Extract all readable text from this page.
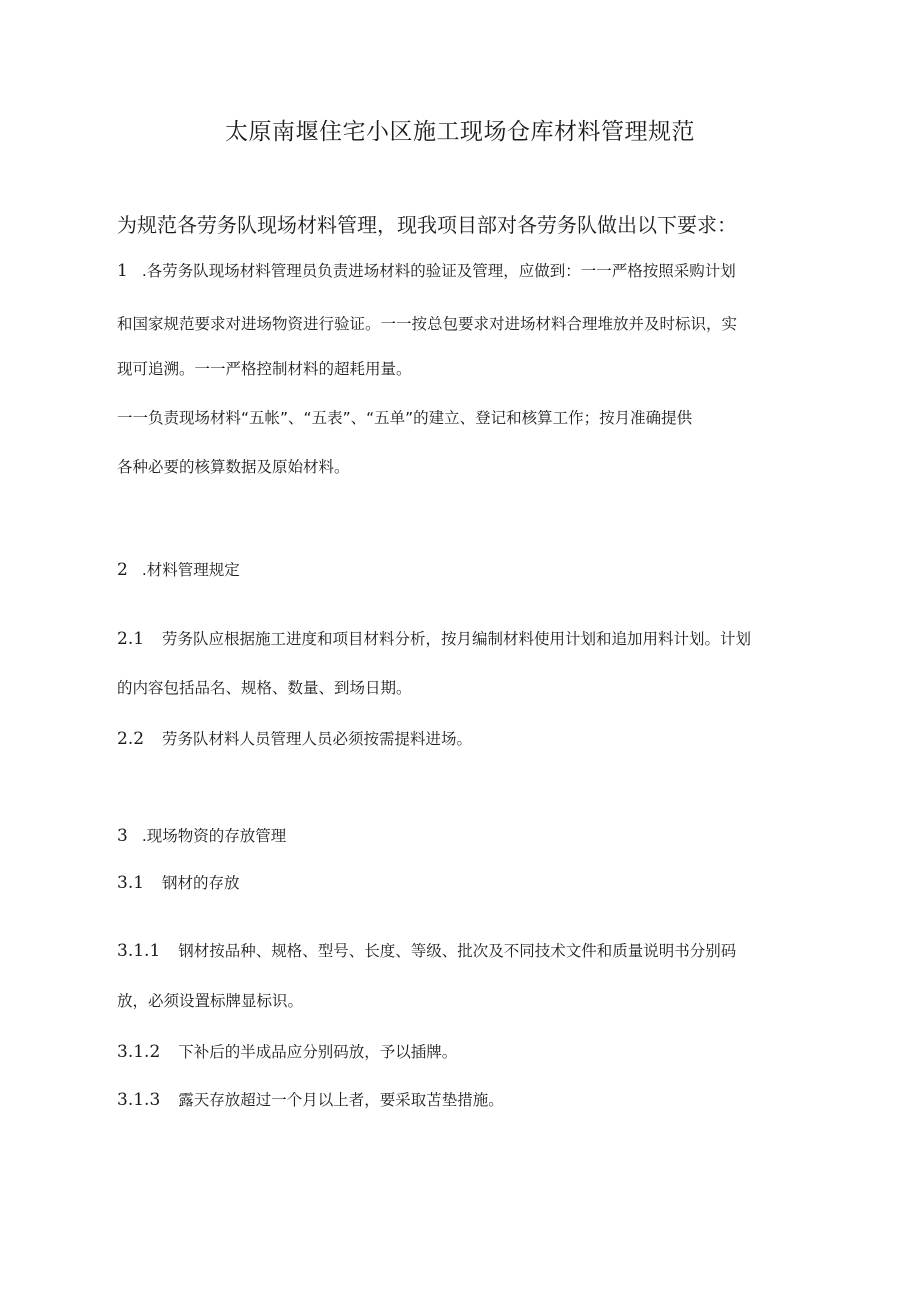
太原南堰住宅小区施工现场仓库材料管理规范
为规范各劳务队现场材料管理，现我项目部对各劳务队做出以下要求：
1 .各劳务队现场材料管理员负责进场材料的验证及管理，应做到：一一严格按照采购计划
和国家规范要求对进场物资进行验证。一一按总包要求对进场材料合理堆放并及时标识，实
现可追溯。一一严格控制材料的超耗用量。
一一负责现场材料“五帐”、“五表”、“五单”的建立、登记和核算工作；按月准确提供
各种必要的核算数据及原始材料。
2 .材料管理规定
2.1 劳务队应根据施工进度和项目材料分析，按月编制材料使用计划和追加用料计划。计划
的内容包括品名、规格、数量、到场日期。
2.2 劳务队材料人员管理人员必须按需提料进场。
3 .现场物资的存放管理
3.1 钢材的存放
3.1.1 钢材按品种、规格、型号、长度、等级、批次及不同技术文件和质量说明书分别码
放，必须设置标牌显标识。
3.1.2 下补后的半成品应分别码放，予以插牌。
3.1.3 露天存放超过一个月以上者，要采取苫垫措施。
